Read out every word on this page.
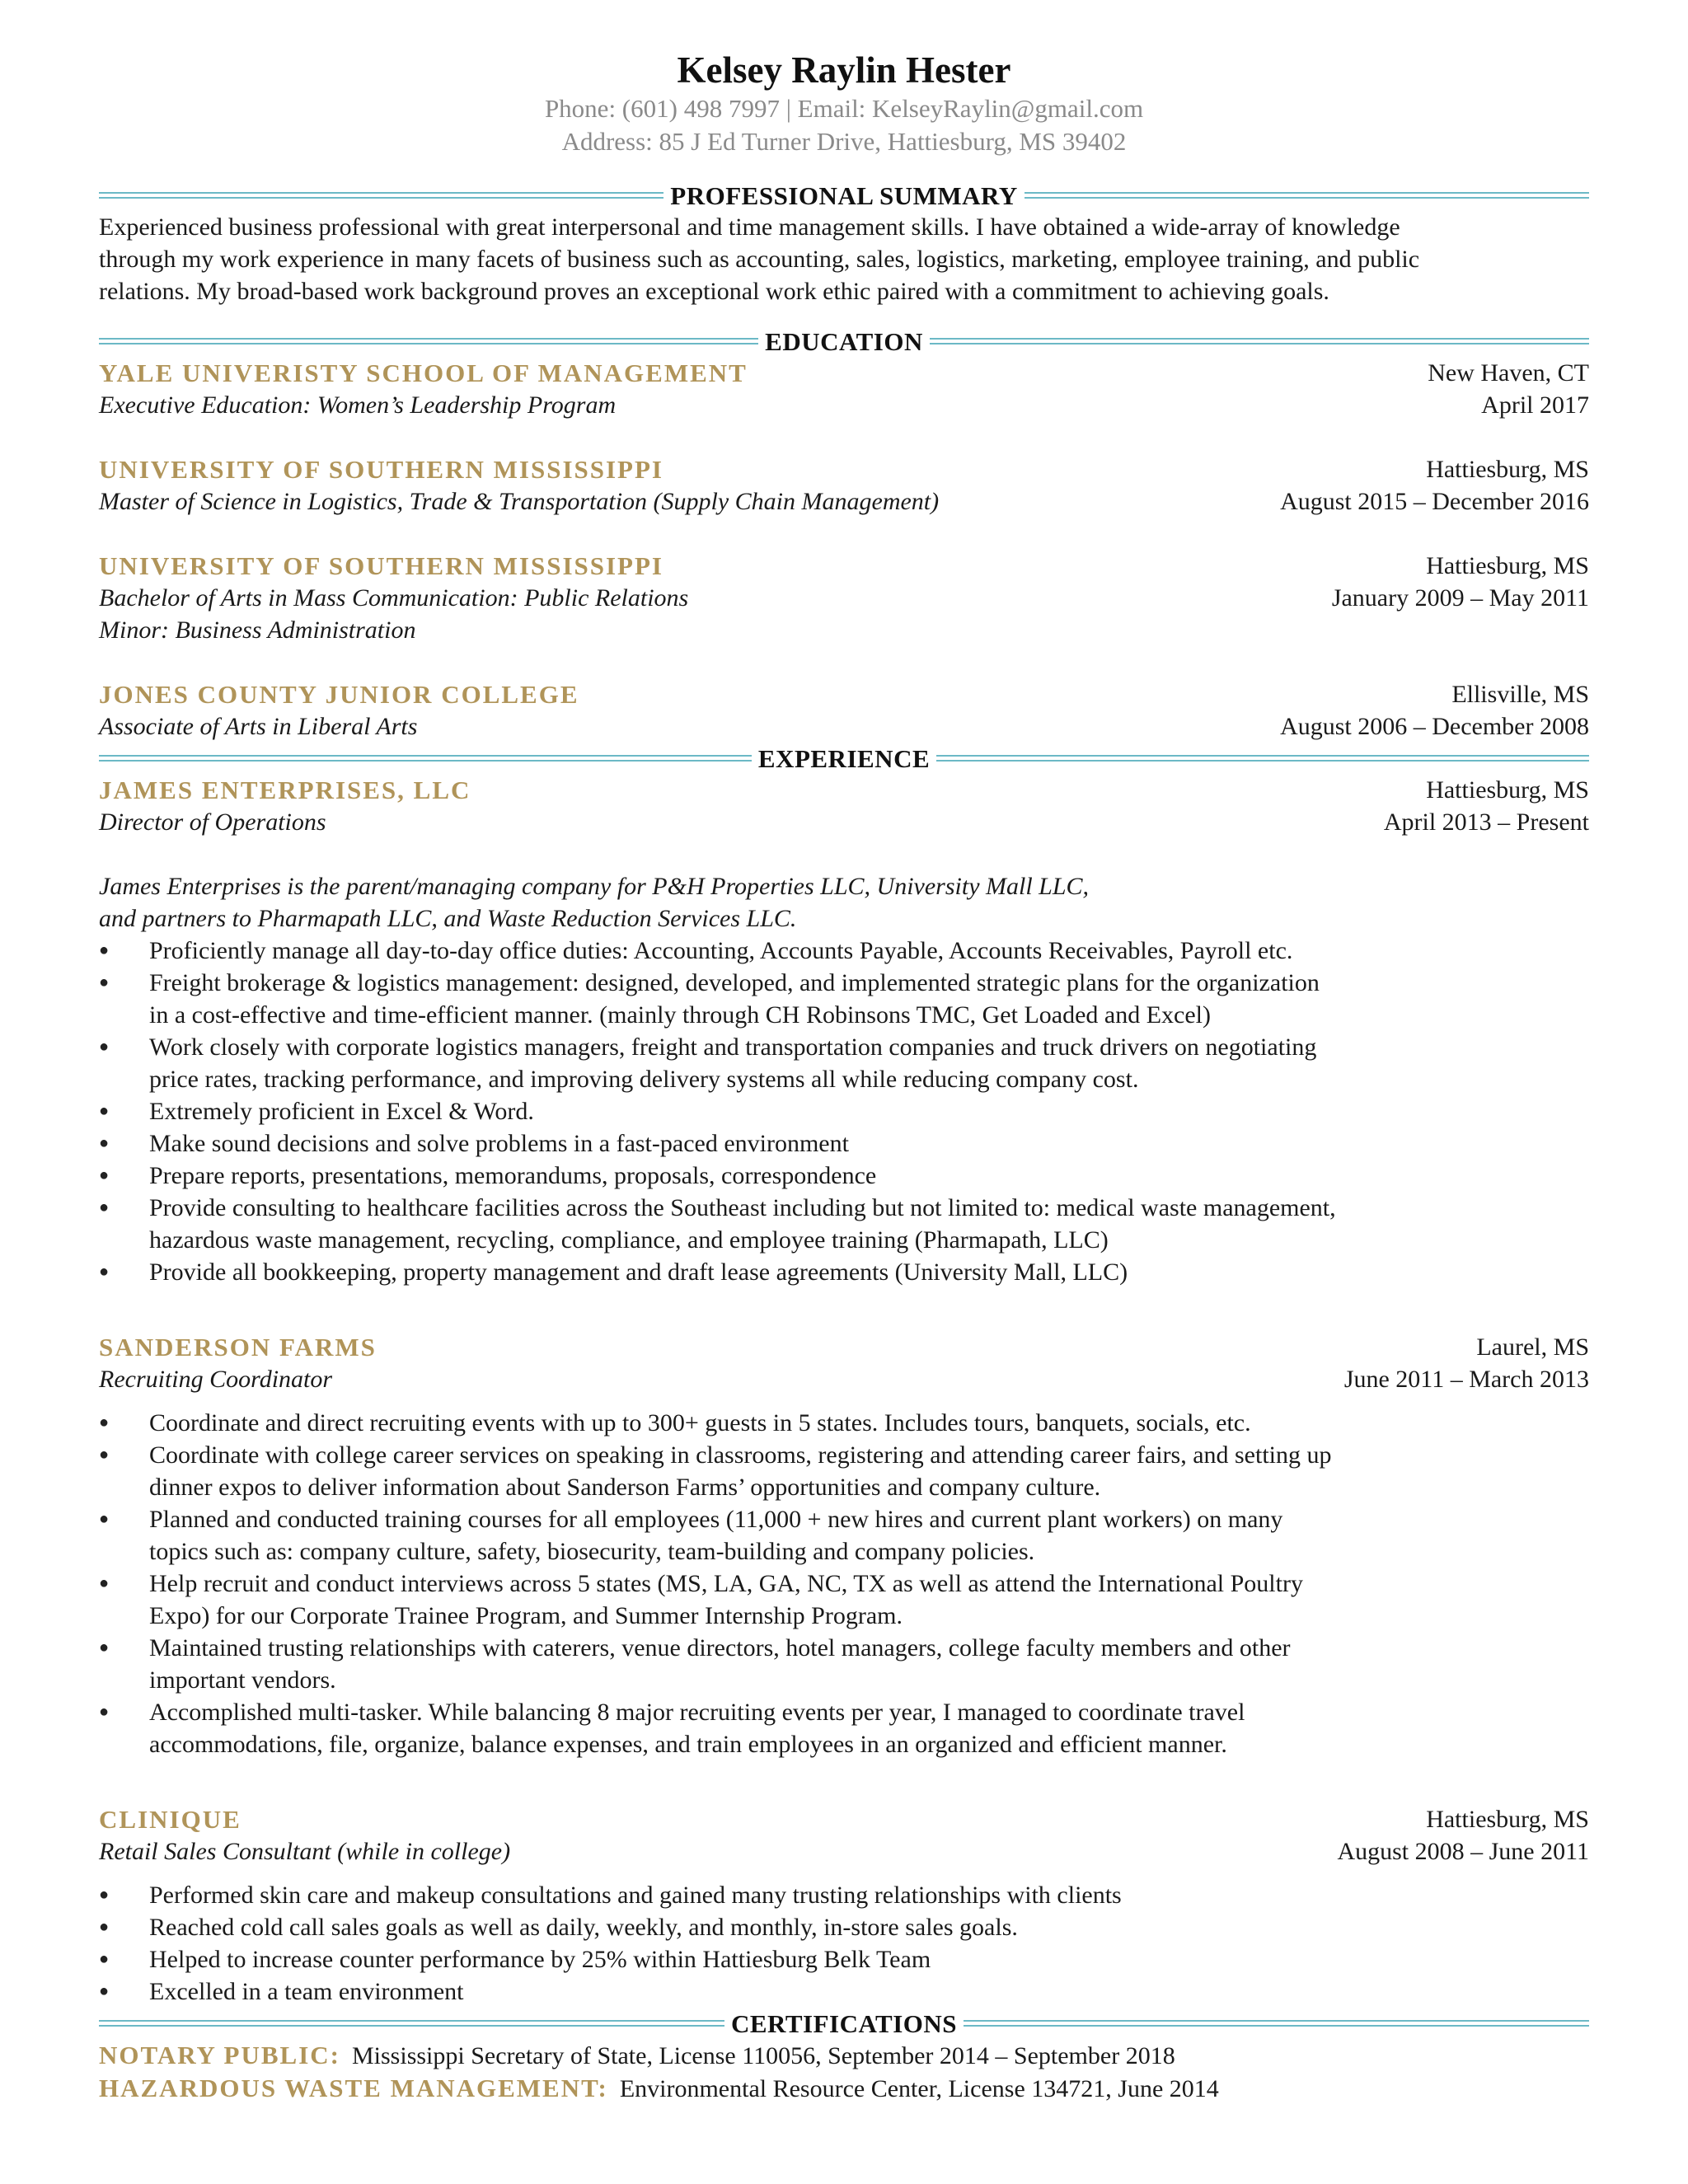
Kelsey Raylin Hester
Phone: (601) 498 7997 | Email: KelseyRaylin@gmail.com
Address: 85 J Ed Turner Drive, Hattiesburg, MS 39402
PROFESSIONAL SUMMARY
Experienced business professional with great interpersonal and time management skills. I have obtained a wide-array of knowledge
through my work experience in many facets of business such as accounting, sales, logistics, marketing, employee training, and public
relations. My broad-based work background proves an exceptional work ethic paired with a commitment to achieving goals.
EDUCATION
YALE UNIVERISTY SCHOOL OF MANAGEMENT	New Haven, CT
Executive Education: Women’s Leadership Program	April 2017
UNIVERSITY OF SOUTHERN MISSISSIPPI	Hattiesburg, MS
Master of Science in Logistics, Trade & Transportation (Supply Chain Management)	August 2015 – December 2016
UNIVERSITY OF SOUTHERN MISSISSIPPI	Hattiesburg, MS
Bachelor of Arts in Mass Communication: Public Relations	January 2009 – May 2011
Minor: Business Administration
JONES COUNTY JUNIOR COLLEGE	Ellisville, MS
Associate of Arts in Liberal Arts	August 2006 – December 2008
EXPERIENCE
JAMES ENTERPRISES, LLC	Hattiesburg, MS
Director of Operations	April 2013 – Present
James Enterprises is the parent/managing company for P&H Properties LLC, University Mall LLC,
and partners to Pharmapath LLC, and Waste Reduction Services LLC.
● Proficiently manage all day-to-day office duties: Accounting, Accounts Payable, Accounts Receivables, Payroll etc.
● Freight brokerage & logistics management: designed, developed, and implemented strategic plans for the organization
in a cost-effective and time-efficient manner. (mainly through CH Robinsons TMC, Get Loaded and Excel)
● Work closely with corporate logistics managers, freight and transportation companies and truck drivers on negotiating
price rates, tracking performance, and improving delivery systems all while reducing company cost.
● Extremely proficient in Excel & Word.
● Make sound decisions and solve problems in a fast-paced environment
● Prepare reports, presentations, memorandums, proposals, correspondence
● Provide consulting to healthcare facilities across the Southeast including but not limited to: medical waste management,
hazardous waste management, recycling, compliance, and employee training (Pharmapath, LLC)
● Provide all bookkeeping, property management and draft lease agreements (University Mall, LLC)
SANDERSON FARMS	Laurel, MS
Recruiting Coordinator	June 2011 – March 2013
● Coordinate and direct recruiting events with up to 300+ guests in 5 states. Includes tours, banquets, socials, etc.
● Coordinate with college career services on speaking in classrooms, registering and attending career fairs, and setting up
dinner expos to deliver information about Sanderson Farms’ opportunities and company culture.
● Planned and conducted training courses for all employees (11,000 + new hires and current plant workers) on many
topics such as: company culture, safety, biosecurity, team-building and company policies.
● Help recruit and conduct interviews across 5 states (MS, LA, GA, NC, TX as well as attend the International Poultry
Expo) for our Corporate Trainee Program, and Summer Internship Program.
● Maintained trusting relationships with caterers, venue directors, hotel managers, college faculty members and other
important vendors.
● Accomplished multi-tasker. While balancing 8 major recruiting events per year, I managed to coordinate travel
accommodations, file, organize, balance expenses, and train employees in an organized and efficient manner.
CLINIQUE	Hattiesburg, MS
Retail Sales Consultant (while in college)	August 2008 – June 2011
● Performed skin care and makeup consultations and gained many trusting relationships with clients
● Reached cold call sales goals as well as daily, weekly, and monthly, in-store sales goals.
● Helped to increase counter performance by 25% within Hattiesburg Belk Team
● Excelled in a team environment
CERTIFICATIONS
NOTARY PUBLIC: Mississippi Secretary of State, License 110056, September 2014 – September 2018
HAZARDOUS WASTE MANAGEMENT: Environmental Resource Center, License 134721, June 2014
